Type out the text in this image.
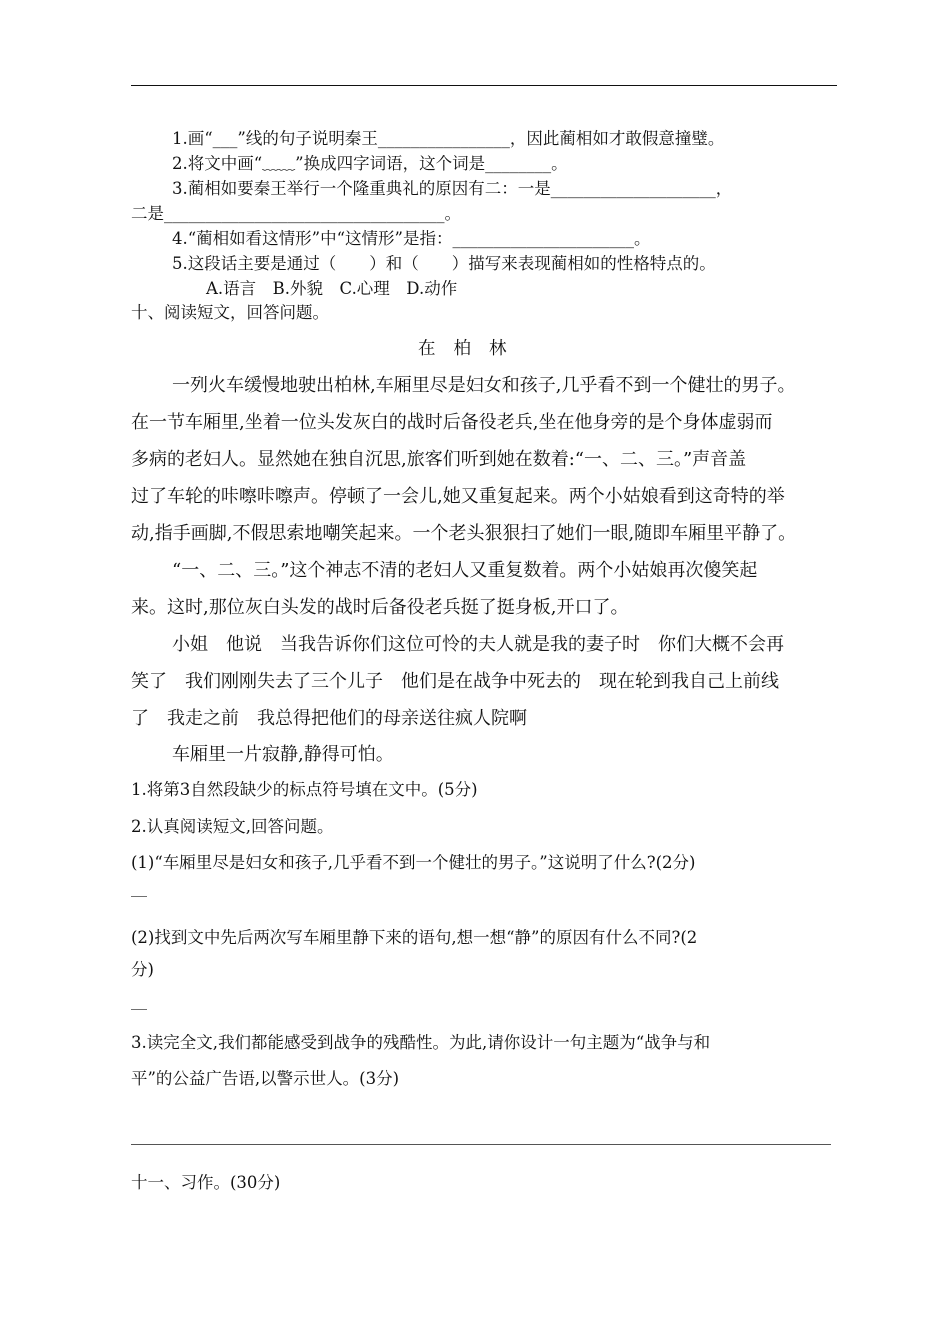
1.画“___”线的句子说明秦王________________，因此蔺相如才敢假意撞璧。
2.将文中画“﹏﹏”换成四字词语，这个词是________。
3.蔺相如要秦王举行一个隆重典礼的原因有二：一是____________________，
二是__________________________________。
4.“蔺相如看这情形”中“这情形”是指：______________________。
5.这段话主要是通过（　　）和（　　）描写来表现蔺相如的性格特点的。
A.语言　B.外貌　C.心理　D.动作
十、阅读短文，回答问题。
在柏林
一列火车缓慢地驶出柏林,车厢里尽是妇女和孩子,几乎看不到一个健壮的男子。
在一节车厢里,坐着一位头发灰白的战时后备役老兵,坐在他身旁的是个身体虚弱而
多病的老妇人。显然她在独自沉思,旅客们听到她在数着:“一、二、三。”声音盖
过了车轮的咔嚓咔嚓声。停顿了一会儿,她又重复起来。两个小姑娘看到这奇特的举
动,指手画脚,不假思索地嘲笑起来。一个老头狠狠扫了她们一眼,随即车厢里平静了。
“一、二、三。”这个神志不清的老妇人又重复数着。两个小姑娘再次傻笑起
来。这时,那位灰白头发的战时后备役老兵挺了挺身板,开口了。
小姐　他说　当我告诉你们这位可怜的夫人就是我的妻子时　你们大概不会再
笑了　我们刚刚失去了三个儿子　他们是在战争中死去的　现在轮到我自己上前线
了　我走之前　我总得把他们的母亲送往疯人院啊
车厢里一片寂静,静得可怕。
1.将第3自然段缺少的标点符号填在文中。(5分)
2.认真阅读短文,回答问题。
(1)“车厢里尽是妇女和孩子,几乎看不到一个健壮的男子。”这说明了什么?(2分)
__
(2)找到文中先后两次写车厢里静下来的语句,想一想“静”的原因有什么不同?(2
分)
__
3.读完全文,我们都能感受到战争的残酷性。为此,请你设计一句主题为“战争与和
平”的公益广告语,以警示世人。(3分)
十一、习作。(30分)
